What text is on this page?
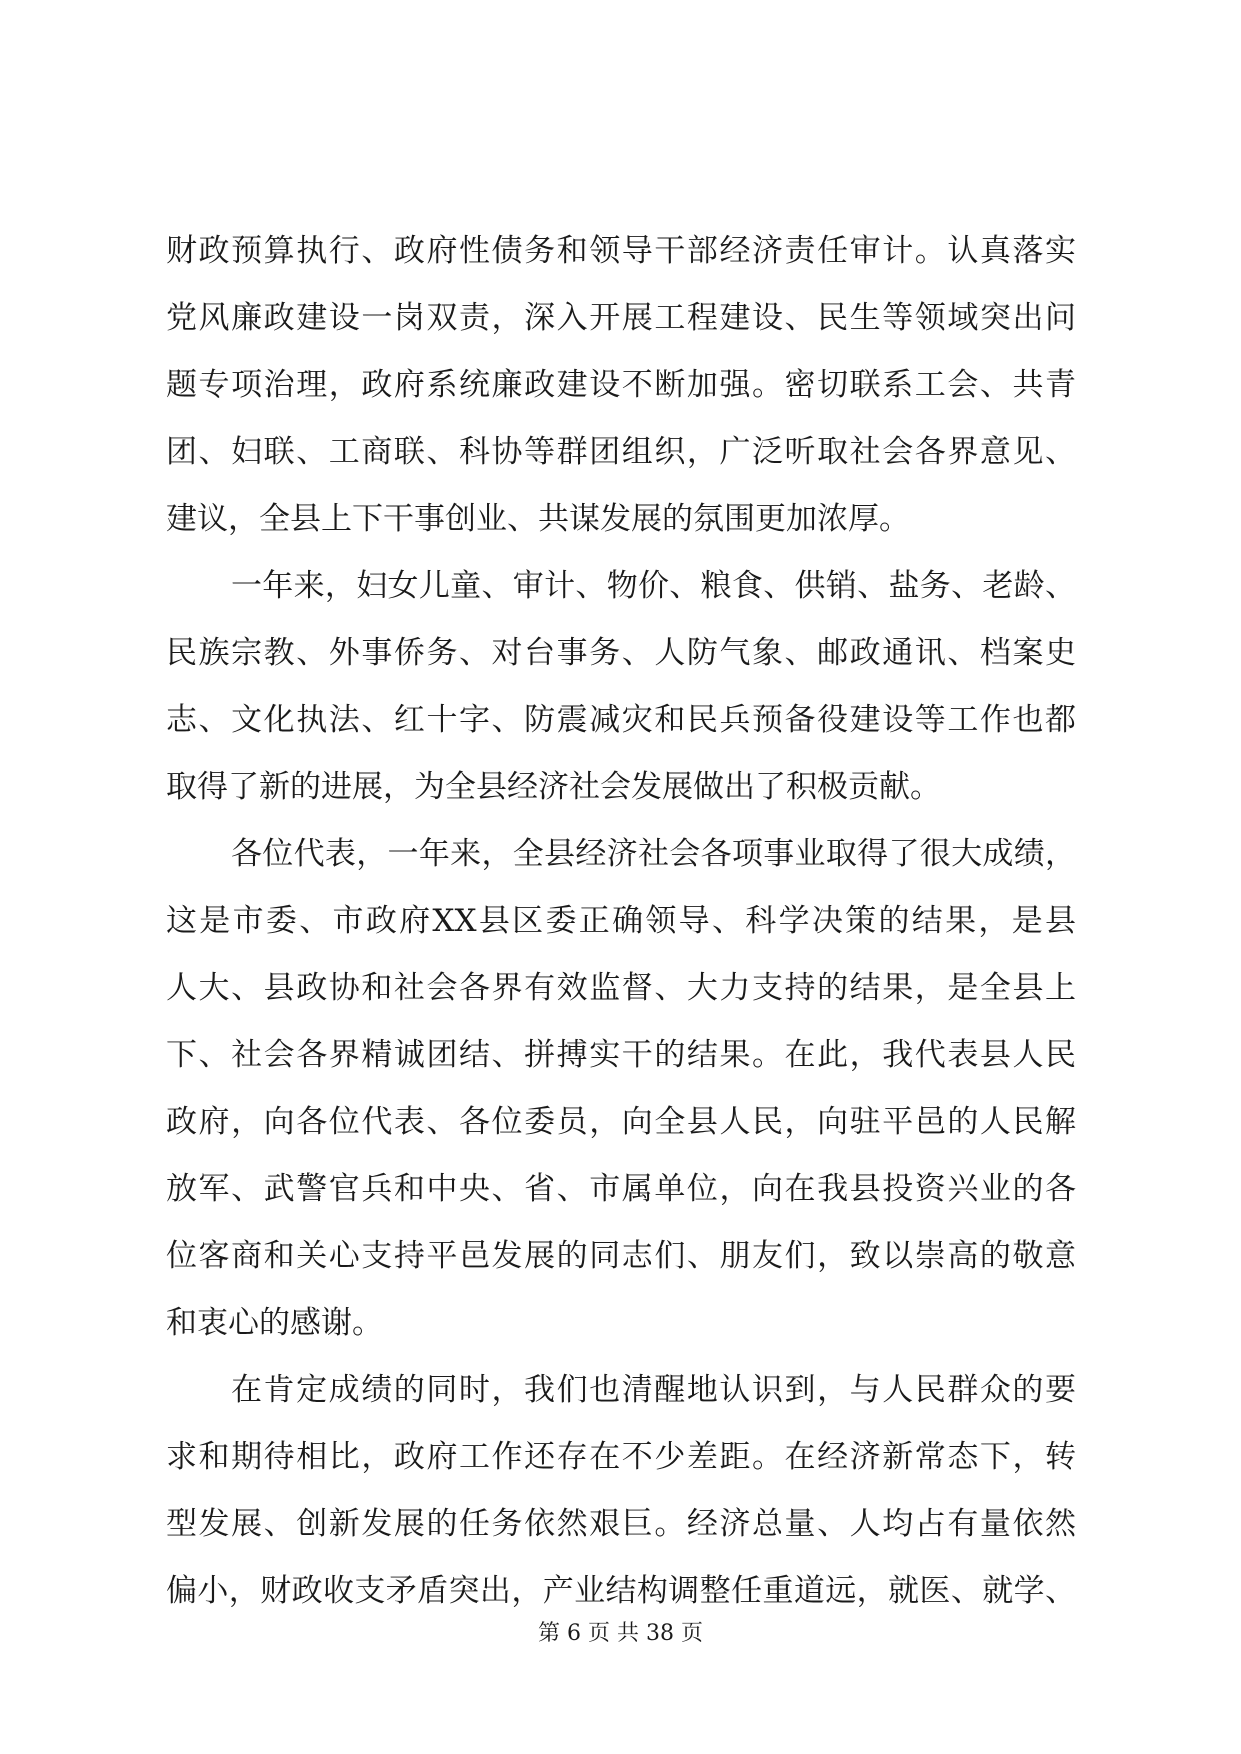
财政预算执行、政府性债务和领导干部经济责任审计。认真落实
党风廉政建设一岗双责，深入开展工程建设、民生等领域突出问
题专项治理，政府系统廉政建设不断加强。密切联系工会、共青
团、妇联、工商联、科协等群团组织，广泛听取社会各界意见、
建议，全县上下干事创业、共谋发展的氛围更加浓厚。
一年来，妇女儿童、审计、物价、粮食、供销、盐务、老龄、
民族宗教、外事侨务、对台事务、人防气象、邮政通讯、档案史
志、文化执法、红十字、防震减灾和民兵预备役建设等工作也都
取得了新的进展，为全县经济社会发展做出了积极贡献。
各位代表，一年来，全县经济社会各项事业取得了很大成绩，
这是市委、市政府XX县区委正确领导、科学决策的结果，是县
人大、县政协和社会各界有效监督、大力支持的结果，是全县上
下、社会各界精诚团结、拼搏实干的结果。在此，我代表县人民
政府，向各位代表、各位委员，向全县人民，向驻平邑的人民解
放军、武警官兵和中央、省、市属单位，向在我县投资兴业的各
位客商和关心支持平邑发展的同志们、朋友们，致以崇高的敬意
和衷心的感谢。
在肯定成绩的同时，我们也清醒地认识到，与人民群众的要
求和期待相比，政府工作还存在不少差距。在经济新常态下，转
型发展、创新发展的任务依然艰巨。经济总量、人均占有量依然
偏小，财政收支矛盾突出，产业结构调整任重道远，就医、就学、
第 6 页 共 38 页
